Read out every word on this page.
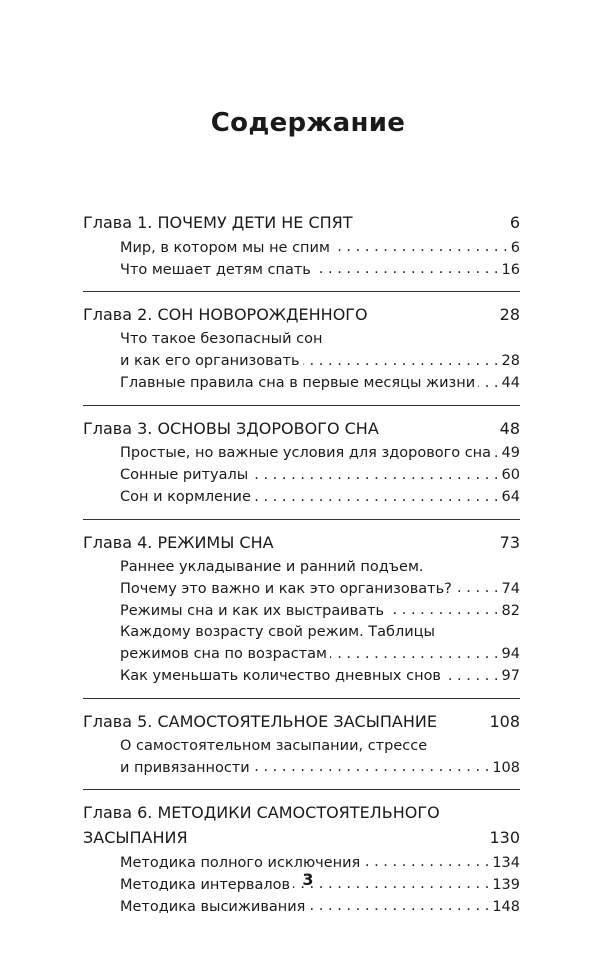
Содержание
Глава 1. ПОЧЕМУ ДЕТИ НЕ СПЯТ . . .	6
Мир, в котором мы не спим . . .	6
Что мешает детям спать . . .	16
Глава 2. СОН НОВОРОЖДЕННОГО . . .	28
Что такое безопасный сон
и как его организовать . . .	28
Главные правила сна в первые месяцы жизни . . . 44
Глава 3. ОСНОВЫ ЗДОРОВОГО СНА . . .	48
Простые, но важные условия для здорового сна . . . 49
Сонные ритуалы . . .	60
Сон и кормление . . .	64
Глава 4. РЕЖИМЫ СНА . . .	73
Раннее укладывание и ранний подъем.
Почему это важно и как это организовать? . . .	74
Режимы сна и как их выстраивать . . .	82
Каждому возрасту свой режим. Таблицы
режимов сна по возрастам . . .	94
Как уменьшать количество дневных снов . . .	97
Глава 5. САМОСТОЯТЕЛЬНОЕ ЗАСЫПАНИЕ . . .	108
О самостоятельном засыпании, стрессе
и привязанности . . .	108
Глава 6. МЕТОДИКИ САМОСТОЯТЕЛЬНОГО
ЗАСЫПАНИЯ . . .	130
Методика полного исключения . . .	134
Методика интервалов . . .	139
Методика высиживания . . .	148
3
